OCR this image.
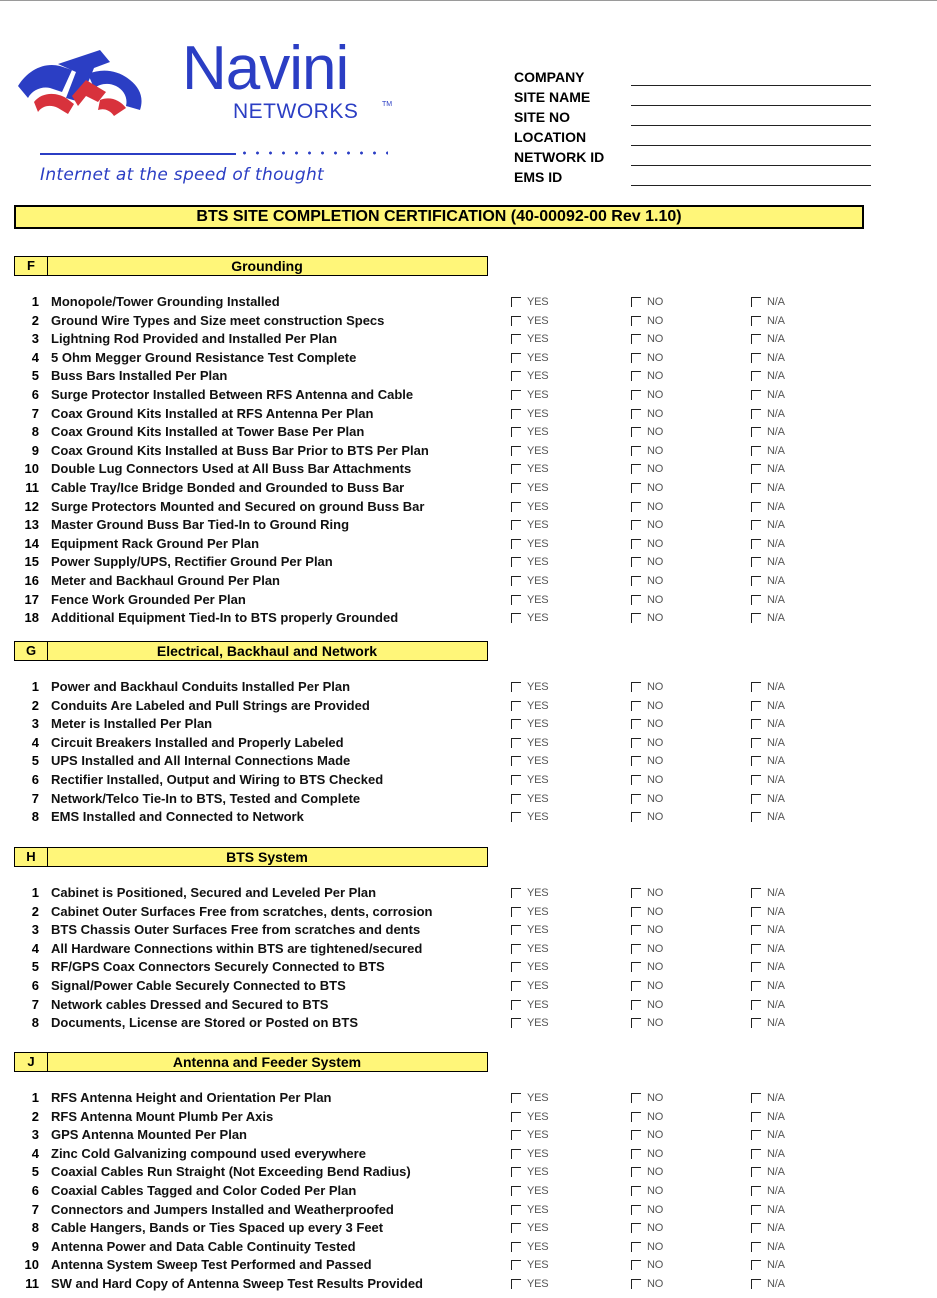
Navini
NETWORKS	TM
Internet at the speed of thought
COMPANY
SITE NAME
SITE NO
LOCATION
NETWORK ID
EMS ID
BTS SITE COMPLETION CERTIFICATION (40-00092-00 Rev 1.10)
F	Grounding
1 Monopole/Tower Grounding Installed	YES	NO	N/A
2 Ground Wire Types and Size meet construction Specs	YES	NO	N/A
3 Lightning Rod Provided and Installed Per Plan	YES	NO	N/A
4 5 Ohm Megger Ground Resistance Test Complete	YES	NO	N/A
5 Buss Bars Installed Per Plan	YES	NO	N/A
6 Surge Protector Installed Between RFS Antenna and Cable	YES	NO	N/A
7 Coax Ground Kits Installed at RFS Antenna Per Plan	YES	NO	N/A
8 Coax Ground Kits Installed at Tower Base Per Plan	YES	NO	N/A
9 Coax Ground Kits Installed at Buss Bar Prior to BTS Per Plan	YES	NO	N/A
10 Double Lug Connectors Used at All Buss Bar Attachments	YES	NO	N/A
11 Cable Tray/Ice Bridge Bonded and Grounded to Buss Bar	YES	NO	N/A
12 Surge Protectors Mounted and Secured on ground Buss Bar	YES	NO	N/A
13 Master Ground Buss Bar Tied-In to Ground Ring	YES	NO	N/A
14 Equipment Rack Ground Per Plan	YES	NO	N/A
15 Power Supply/UPS, Rectifier Ground Per Plan	YES	NO	N/A
16 Meter and Backhaul Ground Per Plan	YES	NO	N/A
17 Fence Work Grounded Per Plan	YES	NO	N/A
18 Additional Equipment Tied-In to BTS properly Grounded	YES	NO	N/A
G	Electrical, Backhaul and Network
1 Power and Backhaul Conduits Installed Per Plan	YES	NO	N/A
2 Conduits Are Labeled and Pull Strings are Provided	YES	NO	N/A
3 Meter is Installed Per Plan	YES	NO	N/A
4 Circuit Breakers Installed and Properly Labeled	YES	NO	N/A
5 UPS Installed and All Internal Connections Made	YES	NO	N/A
6 Rectifier Installed, Output and Wiring to BTS Checked	YES	NO	N/A
7 Network/Telco Tie-In to BTS, Tested and Complete	YES	NO	N/A
8 EMS Installed and Connected to Network	YES	NO	N/A
H	BTS System
1 Cabinet is Positioned, Secured and Leveled Per Plan	YES	NO	N/A
2 Cabinet Outer Surfaces Free from scratches, dents, corrosion	YES	NO	N/A
3 BTS Chassis Outer Surfaces Free from scratches and dents	YES	NO	N/A
4 All Hardware Connections within BTS are tightened/secured	YES	NO	N/A
5 RF/GPS Coax Connectors Securely Connected to BTS	YES	NO	N/A
6 Signal/Power Cable Securely Connected to BTS	YES	NO	N/A
7 Network cables Dressed and Secured to BTS	YES	NO	N/A
8 Documents, License are Stored or Posted on BTS	YES	NO	N/A
J	Antenna and Feeder System
1 RFS Antenna Height and Orientation Per Plan	YES	NO	N/A
2 RFS Antenna Mount Plumb Per Axis	YES	NO	N/A
3 GPS Antenna Mounted Per Plan	YES	NO	N/A
4 Zinc Cold Galvanizing compound used everywhere	YES	NO	N/A
5 Coaxial Cables Run Straight (Not Exceeding Bend Radius)	YES	NO	N/A
6 Coaxial Cables Tagged and Color Coded Per Plan	YES	NO	N/A
7 Connectors and Jumpers Installed and Weatherproofed	YES	NO	N/A
8 Cable Hangers, Bands or Ties Spaced up every 3 Feet	YES	NO	N/A
9 Antenna Power and Data Cable Continuity Tested	YES	NO	N/A
10 Antenna System Sweep Test Performed and Passed	YES	NO	N/A
11 SW and Hard Copy of Antenna Sweep Test Results Provided	YES	NO	N/A
